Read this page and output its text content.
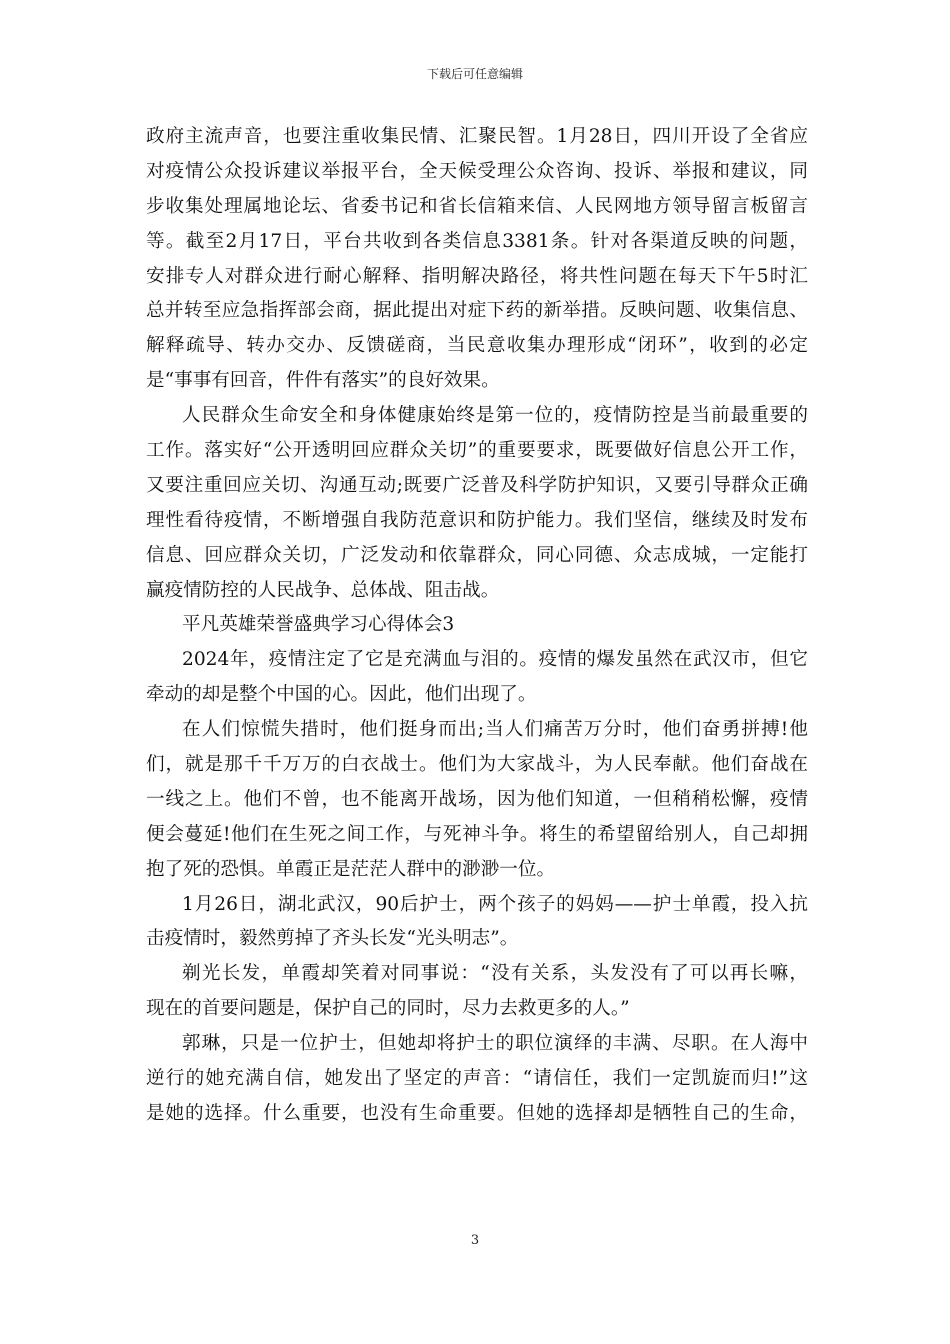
下载后可任意编辑
政府主流声音，也要注重收集民情、汇聚民智。1月28日，四川开设了全省应
对疫情公众投诉建议举报平台，全天候受理公众咨询、投诉、举报和建议，同
步收集处理属地论坛、省委书记和省长信箱来信、人民网地方领导留言板留言
等。截至2月17日，平台共收到各类信息3381条。针对各渠道反映的问题，
安排专人对群众进行耐心解释、指明解决路径，将共性问题在每天下午5时汇
总并转至应急指挥部会商，据此提出对症下药的新举措。反映问题、收集信息、
解释疏导、转办交办、反馈磋商，当民意收集办理形成“闭环”，收到的必定
是“事事有回音，件件有落实”的良好效果。
人民群众生命安全和身体健康始终是第一位的，疫情防控是当前最重要的
工作。落实好“公开透明回应群众关切”的重要要求，既要做好信息公开工作，
又要注重回应关切、沟通互动;既要广泛普及科学防护知识，又要引导群众正确
理性看待疫情，不断增强自我防范意识和防护能力。我们坚信，继续及时发布
信息、回应群众关切，广泛发动和依靠群众，同心同德、众志成城，一定能打
赢疫情防控的人民战争、总体战、阻击战。
平凡英雄荣誉盛典学习心得体会3
2024年，疫情注定了它是充满血与泪的。疫情的爆发虽然在武汉市，但它
牵动的却是整个中国的心。因此，他们出现了。
在人们惊慌失措时，他们挺身而出;当人们痛苦万分时，他们奋勇拼搏!他
们，就是那千千万万的白衣战士。他们为大家战斗，为人民奉献。他们奋战在
一线之上。他们不曾，也不能离开战场，因为他们知道，一但稍稍松懈，疫情
便会蔓延!他们在生死之间工作，与死神斗争。将生的希望留给别人，自己却拥
抱了死的恐惧。单霞正是茫茫人群中的渺渺一位。
1月26日，湖北武汉，90后护士，两个孩子的妈妈——护士单霞，投入抗
击疫情时，毅然剪掉了齐头长发“光头明志”。
剃光长发，单霞却笑着对同事说：“没有关系，头发没有了可以再长嘛，
现在的首要问题是，保护自己的同时，尽力去救更多的人。”
郭琳，只是一位护士，但她却将护士的职位演绎的丰满、尽职。在人海中
逆行的她充满自信，她发出了坚定的声音：“请信任，我们一定凯旋而归!”这
是她的选择。什么重要，也没有生命重要。但她的选择却是牺牲自己的生命，
3
